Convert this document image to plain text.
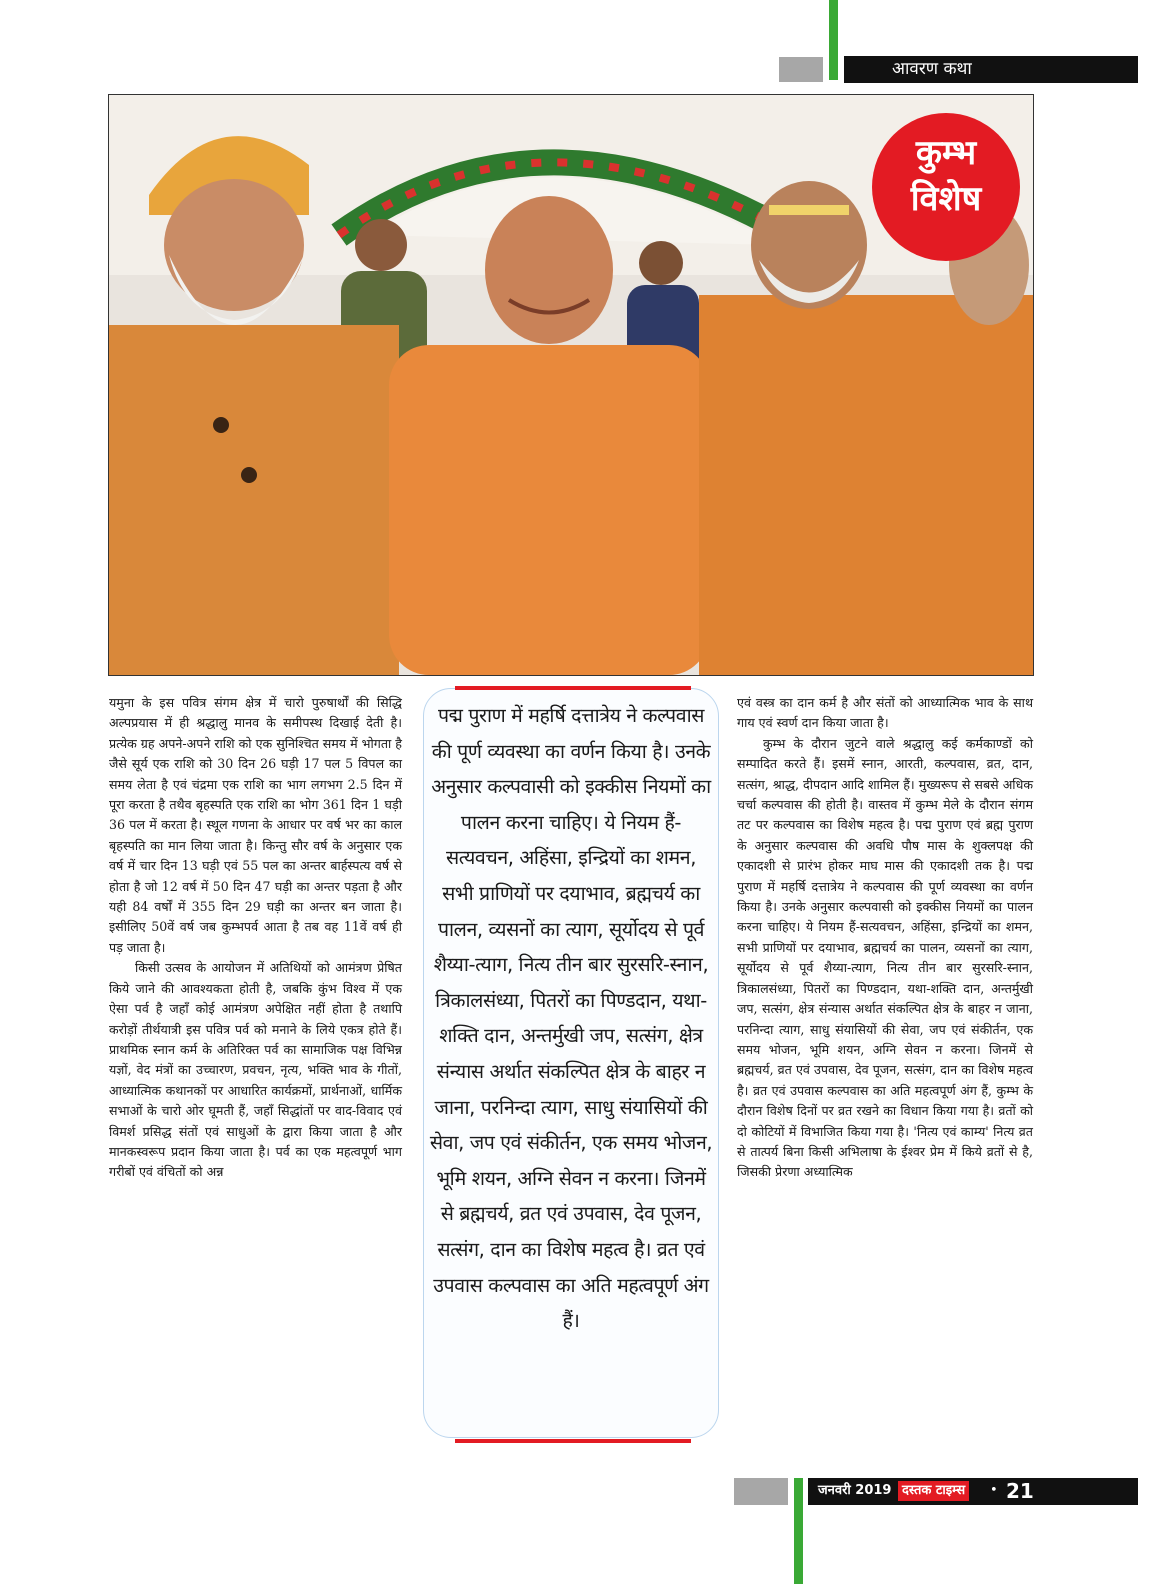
आवरण कथा
कुम्भ
विशेष

यमुना के इस पवित्र संगम क्षेत्र में चारो पुरुषार्थों की सिद्धि अल्पप्रयास में ही श्रद्धालु मानव के समीपस्थ दिखाई देती है। प्रत्येक ग्रह अपने-अपने राशि को एक सुनिश्चित समय में भोगता है जैसे सूर्य एक राशि को 30 दिन 26 घड़ी 17 पल 5 विपल का समय लेता है एवं चंद्रमा एक राशि का भाग लगभग 2.5 दिन में पूरा करता है तथैव बृहस्पति एक राशि का भोग 361 दिन 1 घड़ी 36 पल में करता है। स्थूल गणना के आधार पर वर्ष भर का काल बृहस्पति का मान लिया जाता है। किन्तु सौर वर्ष के अनुसार एक वर्ष में चार दिन 13 घड़ी एवं 55 पल का अन्तर बार्हस्पत्य वर्ष से होता है जो 12 वर्ष में 50 दिन 47 घड़ी का अन्तर पड़ता है और यही 84 वर्षों में 355 दिन 29 घड़ी का अन्तर बन जाता है। इसीलिए 50वें वर्ष जब कुम्भपर्व आता है तब वह 11वें वर्ष ही पड़ जाता है।

किसी उत्सव के आयोजन में अतिथियों को आमंत्रण प्रेषित किये जाने की आवश्यकता होती है, जबकि कुंभ विश्व में एक ऐसा पर्व है जहाँ कोई आमंत्रण अपेक्षित नहीं होता है तथापि करोड़ों तीर्थयात्री इस पवित्र पर्व को मनाने के लिये एकत्र होते हैं। प्राथमिक स्नान कर्म के अतिरिक्त पर्व का सामाजिक पक्ष विभिन्न यज्ञों, वेद मंत्रों का उच्चारण, प्रवचन, नृत्य, भक्ति भाव के गीतों, आध्यात्मिक कथानकों पर आधारित कार्यक्रमों, प्रार्थनाओं, धार्मिक सभाओं के चारो ओर घूमती हैं, जहाँ सिद्धांतों पर वाद-विवाद एवं विमर्श प्रसिद्ध संतों एवं साधुओं के द्वारा किया जाता है और मानकस्वरूप प्रदान किया जाता है। पर्व का एक महत्वपूर्ण भाग गरीबों एवं वंचितों को अन्न

पद्म पुराण में महर्षि दत्तात्रेय ने कल्पवास की पूर्ण व्यवस्था का वर्णन किया है। उनके अनुसार कल्पवासी को इक्कीस नियमों का पालन करना चाहिए। ये नियम हैं- सत्यवचन, अहिंसा, इन्द्रियों का शमन, सभी प्राणियों पर दयाभाव, ब्रह्मचर्य का पालन, व्यसनों का त्याग, सूर्योदय से पूर्व शैय्या-त्याग, नित्य तीन बार सुरसरि-स्नान, त्रिकालसंध्या, पितरों का पिण्डदान, यथा-शक्ति दान, अन्तर्मुखी जप, सत्संग, क्षेत्र संन्यास अर्थात संकल्पित क्षेत्र के बाहर न जाना, परनिन्दा त्याग, साधु संयासियों की सेवा, जप एवं संकीर्तन, एक समय भोजन, भूमि शयन, अग्नि सेवन न करना। जिनमें से ब्रह्मचर्य, व्रत एवं उपवास, देव पूजन, सत्संग, दान का विशेष महत्व है। व्रत एवं उपवास कल्पवास का अति महत्वपूर्ण अंग हैं।

एवं वस्त्र का दान कर्म है और संतों को आध्यात्मिक भाव के साथ गाय एवं स्वर्ण दान किया जाता है।

कुम्भ के दौरान जुटने वाले श्रद्धालु कई कर्मकाण्डों को सम्पादित करते हैं। इसमें स्नान, आरती, कल्पवास, व्रत, दान, सत्संग, श्राद्ध, दीपदान आदि शामिल हैं। मुख्यरूप से सबसे अधिक चर्चा कल्पवास की होती है। वास्तव में कुम्भ मेले के दौरान संगम तट पर कल्पवास का विशेष महत्व है। पद्म पुराण एवं ब्रह्म पुराण के अनुसार कल्पवास की अवधि पौष मास के शुक्लपक्ष की एकादशी से प्रारंभ होकर माघ मास की एकादशी तक है। पद्म पुराण में महर्षि दत्तात्रेय ने कल्पवास की पूर्ण व्यवस्था का वर्णन किया है। उनके अनुसार कल्पवासी को इक्कीस नियमों का पालन करना चाहिए। ये नियम हैं-सत्यवचन, अहिंसा, इन्द्रियों का शमन, सभी प्राणियों पर दयाभाव, ब्रह्मचर्य का पालन, व्यसनों का त्याग, सूर्योदय से पूर्व शैय्या-त्याग, नित्य तीन बार सुरसरि-स्नान, त्रिकालसंध्या, पितरों का पिण्डदान, यथा-शक्ति दान, अन्तर्मुखी जप, सत्संग, क्षेत्र संन्यास अर्थात संकल्पित क्षेत्र के बाहर न जाना, परनिन्दा त्याग, साधु संयासियों की सेवा, जप एवं संकीर्तन, एक समय भोजन, भूमि शयन, अग्नि सेवन न करना। जिनमें से ब्रह्मचर्य, व्रत एवं उपवास, देव पूजन, सत्संग, दान का विशेष महत्व है। व्रत एवं उपवास कल्पवास का अति महत्वपूर्ण अंग हैं, कुम्भ के दौरान विशेष दिनों पर व्रत रखने का विधान किया गया है। व्रतों को दो कोटियों में विभाजित किया गया है। 'नित्य एवं काम्य' नित्य व्रत से तात्पर्य बिना किसी अभिलाषा के ईश्वर प्रेम में किये व्रतों से है, जिसकी प्रेरणा अध्यात्मिक

जनवरी 2019 दस्तक टाइम्स	• 21
